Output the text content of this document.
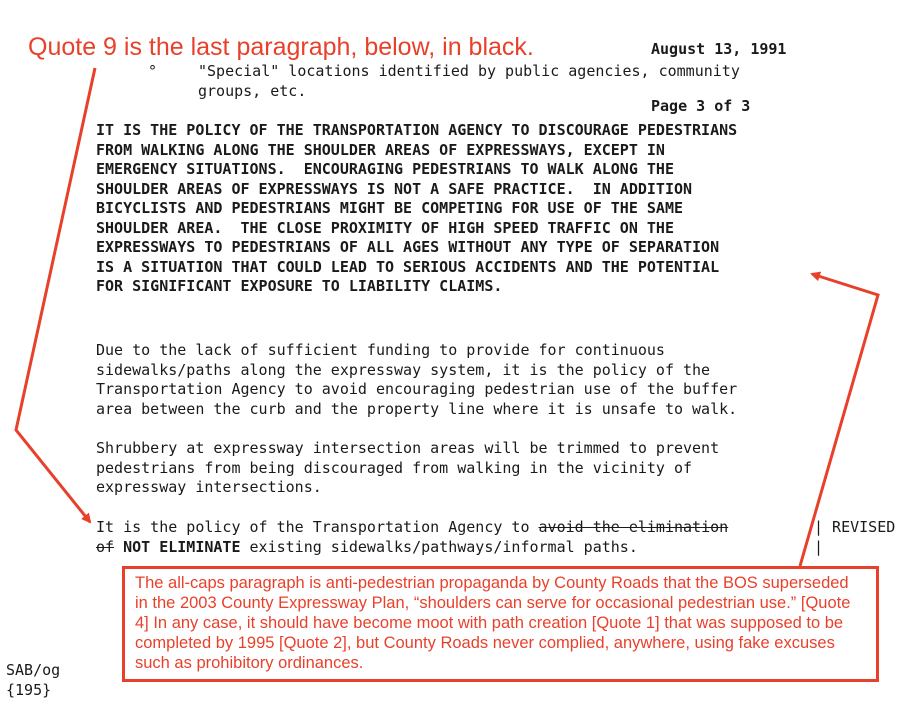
August 13, 1991

Page 3 of 3

Quote 9 is the last paragraph, below, in black.
°	"Special" locations identified by public agencies, community
groups, etc.
IT IS THE POLICY OF THE TRANSPORTATION AGENCY TO DISCOURAGE PEDESTRIANS
FROM WALKING ALONG THE SHOULDER AREAS OF EXPRESSWAYS, EXCEPT IN
EMERGENCY SITUATIONS.  ENCOURAGING PEDESTRIANS TO WALK ALONG THE
SHOULDER AREAS OF EXPRESSWAYS IS NOT A SAFE PRACTICE.  IN ADDITION
BICYCLISTS AND PEDESTRIANS MIGHT BE COMPETING FOR USE OF THE SAME
SHOULDER AREA.  THE CLOSE PROXIMITY OF HIGH SPEED TRAFFIC ON THE
EXPRESSWAYS TO PEDESTRIANS OF ALL AGES WITHOUT ANY TYPE OF SEPARATION
IS A SITUATION THAT COULD LEAD TO SERIOUS ACCIDENTS AND THE POTENTIAL
FOR SIGNIFICANT EXPOSURE TO LIABILITY CLAIMS.
Due to the lack of sufficient funding to provide for continuous
sidewalks/paths along the expressway system, it is the policy of the
Transportation Agency to avoid encouraging pedestrian use of the buffer
area between the curb and the property line where it is unsafe to walk.
Shrubbery at expressway intersection areas will be trimmed to prevent
pedestrians from being discouraged from walking in the vicinity of
expressway intersections.
It is the policy of the Transportation Agency to avoid the elimination
of NOT ELIMINATE existing sidewalks/pathways/informal paths.
| REVISED
|
The all-caps paragraph is anti-pedestrian propaganda by County Roads that the BOS superseded in the 2003 County Expressway Plan, “shoulders can serve for occasional pedestrian use.” [Quote 4] In any case, it should have become moot with path creation [Quote 1] that was supposed to be completed by 1995 [Quote 2], but County Roads never complied, anywhere, using fake excuses such as prohibitory ordinances.
SAB/og
{195}
